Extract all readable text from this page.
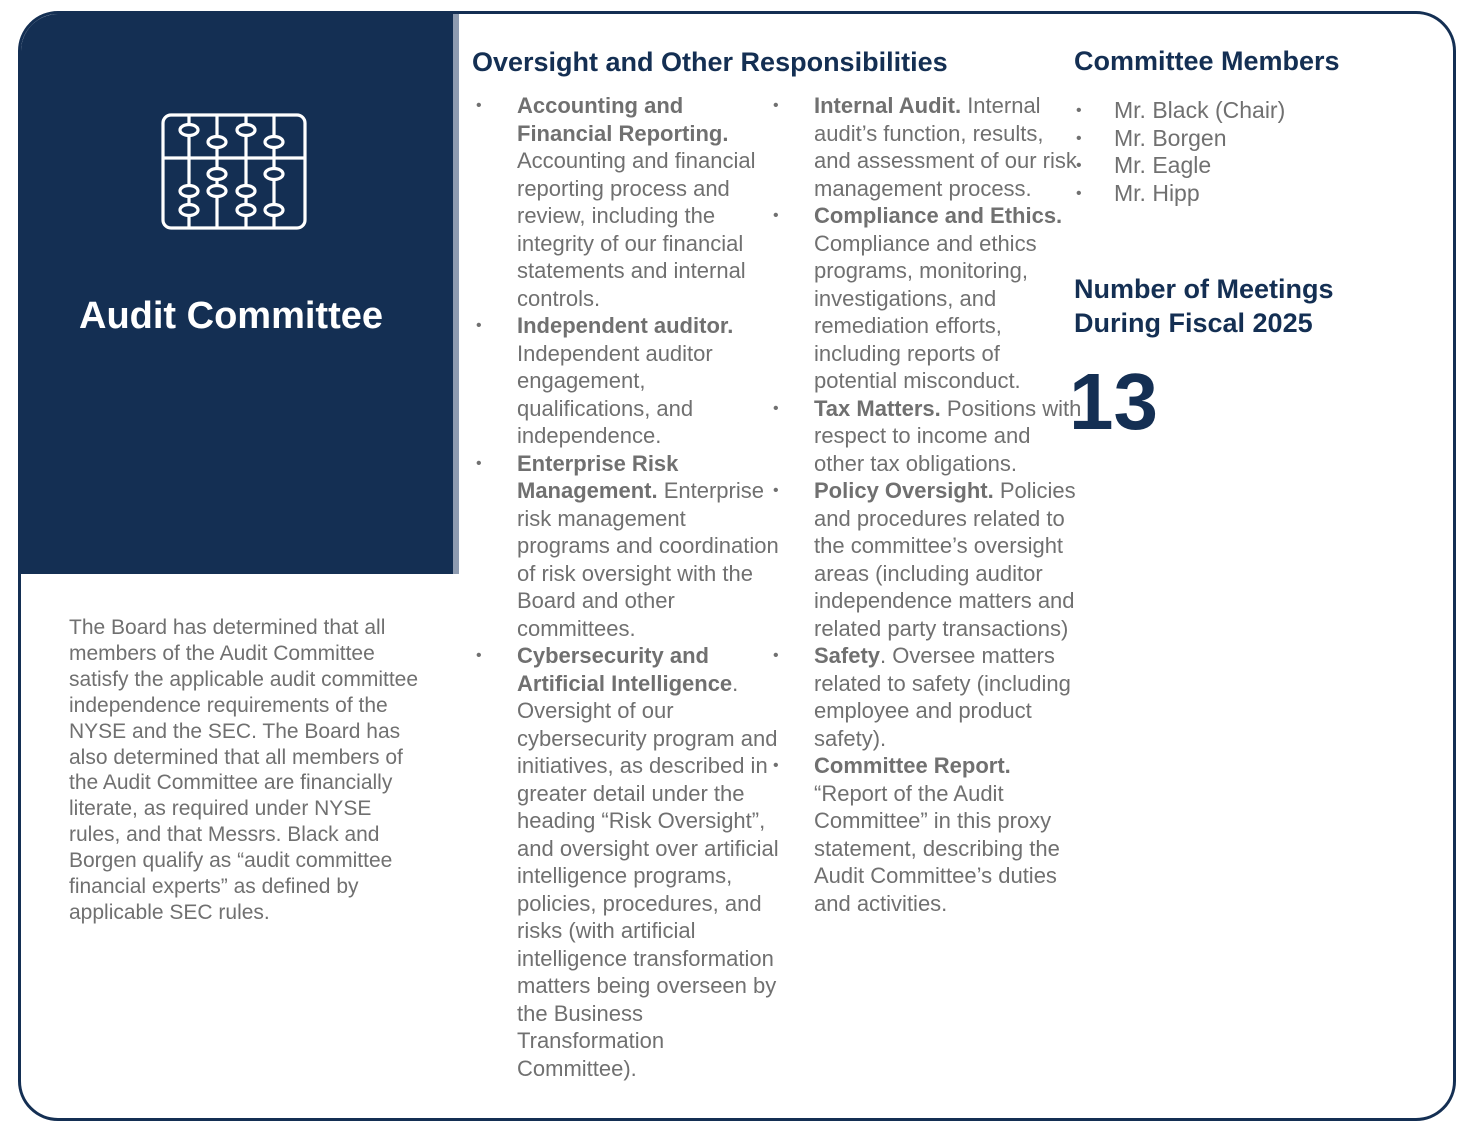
Audit Committee
The Board has determined that all members of the Audit Committee satisfy the applicable audit committee independence requirements of the NYSE and the SEC. The Board has also determined that all members of the Audit Committee are financially literate, as required under NYSE rules, and that Messrs. Black and Borgen qualify as “audit committee financial experts” as defined by applicable SEC rules.
Oversight and Other Responsibilities
• Accounting and Financial Reporting. Accounting and financial reporting process and review, including the integrity of our financial statements and internal controls.
• Independent auditor. Independent auditor engagement, qualifications, and independence.
• Enterprise Risk Management. Enterprise risk management programs and coordination of risk oversight with the Board and other committees.
• Cybersecurity and Artificial Intelligence. Oversight of our cybersecurity program and initiatives, as described in greater detail under the heading “Risk Oversight”, and oversight over artificial intelligence programs, policies, procedures, and risks (with artificial intelligence transformation matters being overseen by the Business Transformation Committee).
• Internal Audit. Internal audit’s function, results, and assessment of our risk management process.
• Compliance and Ethics. Compliance and ethics programs, monitoring, investigations, and remediation efforts, including reports of potential misconduct.
• Tax Matters. Positions with respect to income and other tax obligations.
• Policy Oversight. Policies and procedures related to the committee’s oversight areas (including auditor independence matters and related party transactions)
• Safety. Oversee matters related to safety (including employee and product safety).
• Committee Report. “Report of the Audit Committee” in this proxy statement, describing the Audit Committee’s duties and activities.
Committee Members
• Mr. Black (Chair)
• Mr. Borgen
• Mr. Eagle
• Mr. Hipp
Number of Meetings During Fiscal 2025
13
